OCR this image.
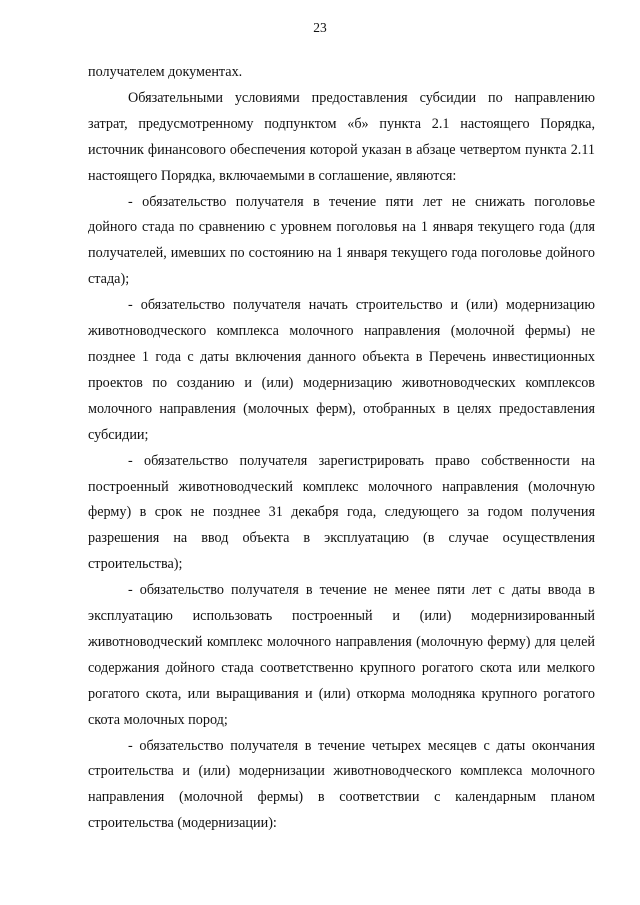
23

получателем документах.

Обязательными условиями предоставления субсидии по направлению затрат, предусмотренному подпунктом «б» пункта 2.1 настоящего Порядка, источник финансового обеспечения которой указан в абзаце четвертом пункта 2.11 настоящего Порядка, включаемыми в соглашение, являются:

- обязательство получателя в течение пяти лет не снижать поголовье дойного стада по сравнению с уровнем поголовья на 1 января текущего года (для получателей, имевших по состоянию на 1 января текущего года поголовье дойного стада);

- обязательство получателя начать строительство и (или) модернизацию животноводческого комплекса молочного направления (молочной фермы) не позднее 1 года с даты включения данного объекта в Перечень инвестиционных проектов по созданию и (или) модернизацию животноводческих комплексов молочного направления (молочных ферм), отобранных в целях предоставления субсидии;

- обязательство получателя зарегистрировать право собственности на построенный животноводческий комплекс молочного направления (молочную ферму) в срок не позднее 31 декабря года, следующего за годом получения разрешения на ввод объекта в эксплуатацию (в случае осуществления строительства);

- обязательство получателя в течение не менее пяти лет с даты ввода в эксплуатацию использовать построенный и (или) модернизированный животноводческий комплекс молочного направления (молочную ферму) для целей содержания дойного стада соответственно крупного рогатого скота или мелкого рогатого скота, или выращивания и (или) откорма молодняка крупного рогатого скота молочных пород;

- обязательство получателя в течение четырех месяцев с даты окончания строительства и (или) модернизации животноводческого комплекса молочного направления (молочной фермы) в соответствии с календарным планом строительства (модернизации):
